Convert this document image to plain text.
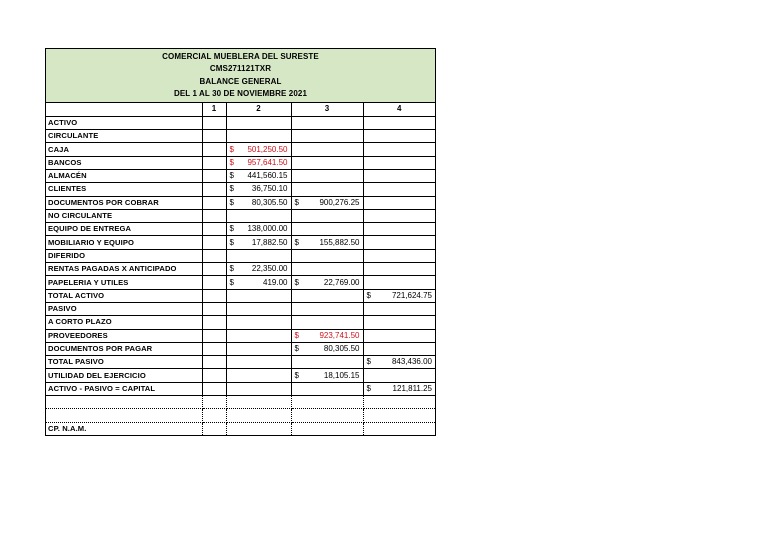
COMERCIAL MUEBLERA DEL SURESTE
CMS271121TXR
BALANCE GENERAL
DEL 1 AL 30 DE NOVIEMBRE 2021
	1	2	3	4
ACTIVO				
CIRCULANTE				
CAJA		$ 501,250.50		

BANCOS		$ 957,641.50		

ALMACÉN		$ 441,560.15		

CLIENTES		$ 36,750.10		

DOCUMENTOS POR COBRAR		$ 80,305.50	$ 900,276.25	

NO CIRCULANTE				
EQUIPO DE ENTREGA		$ 138,000.00		

MOBILIARIO Y EQUIPO		$ 17,882.50	$ 155,882.50	

DIFERIDO				
RENTAS PAGADAS X ANTICIPADO		$ 22,350.00		

PAPELERIA Y UTILES		$ 419.00	$ 22,769.00	

TOTAL ACTIVO				$ 721,624.75

PASIVO				
A CORTO PLAZO				
PROVEEDORES			$ 923,741.50	

DOCUMENTOS POR PAGAR			$ 80,305.50	

TOTAL PASIVO				$ 843,436.00

UTILIDAD DEL EJERCICIO			$ 18,105.15	

ACTIVO - PASIVO = CAPITAL				$ 121,811.25

CP. N.A.M.				
